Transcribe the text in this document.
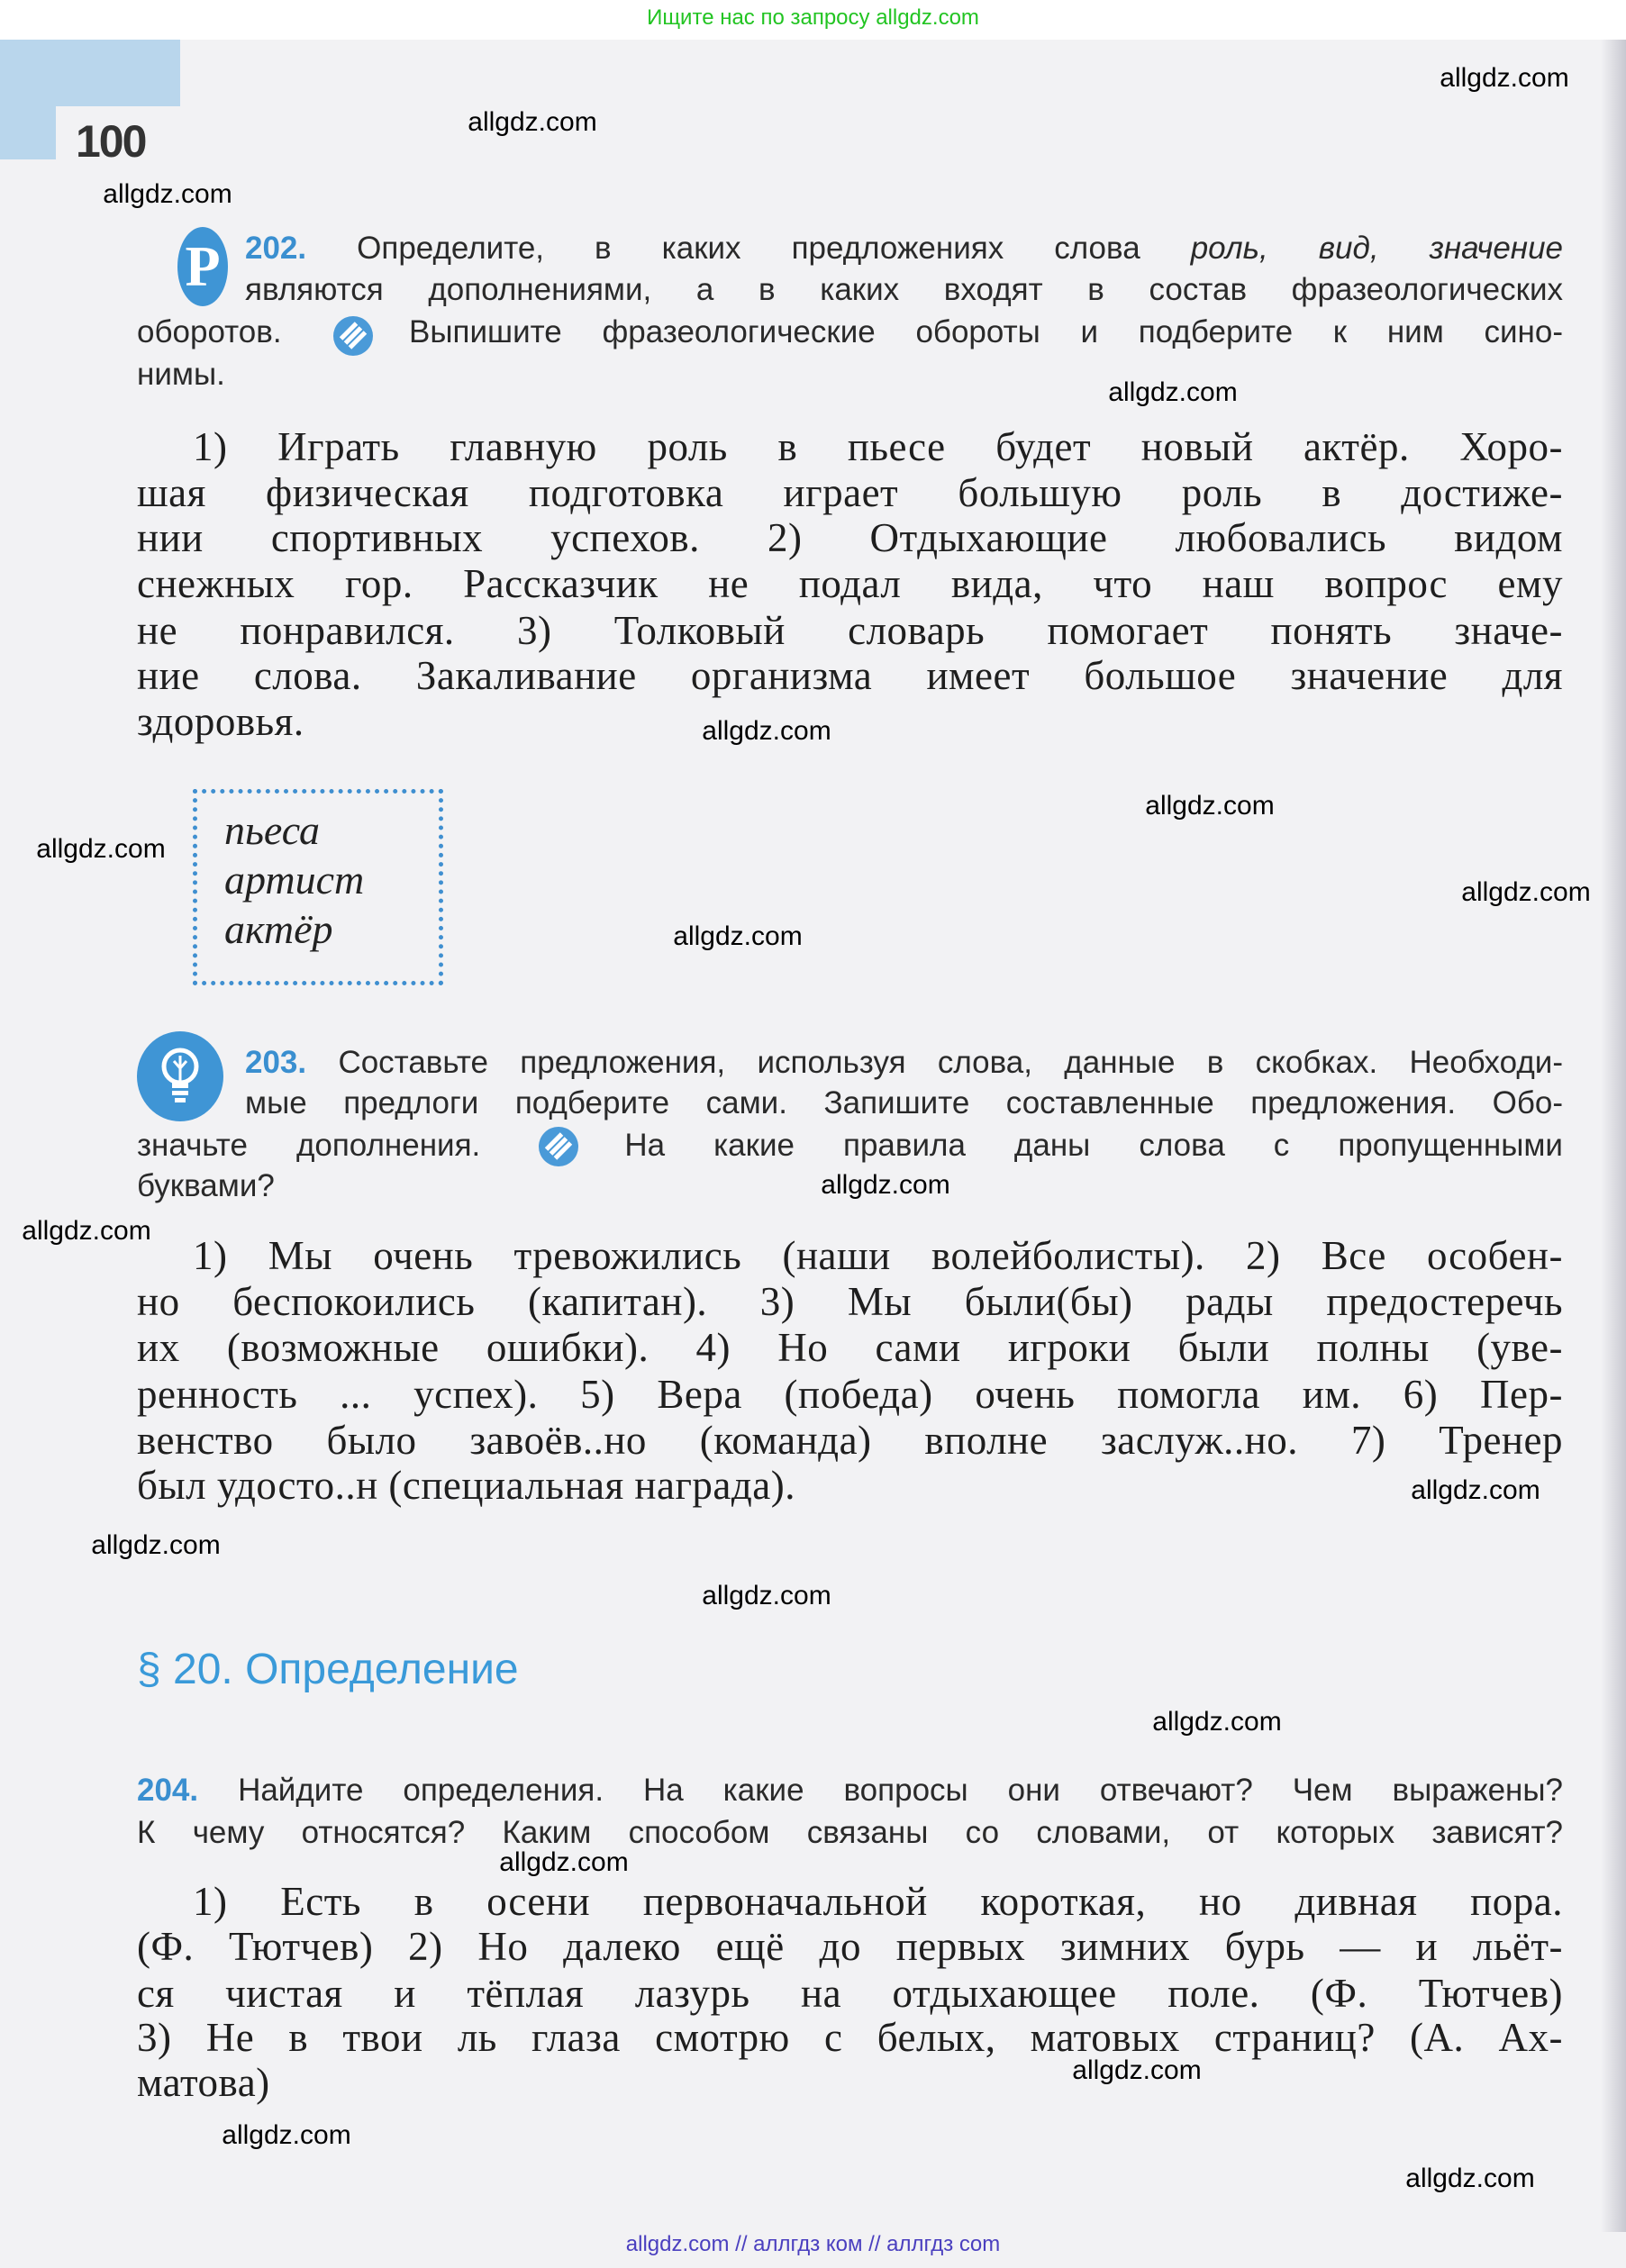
Ищите нас по запросу allgdz.com
100
Р 202. Определите, в каких предложениях слова роль, вид, значение
являются дополнениями, а в каких входят в состав фразеологических
оборотов.	Выпишите фразеологические обороты и подберите к ним сино-
нимы.
1) Играть главную роль в пьесе будет новый актёр. Хоро-
шая физическая подготовка играет большую роль в достиже-
нии спортивных успехов. 2) Отдыхающие любовались видом
снежных гор. Рассказчик не подал вида, что наш вопрос ему
не понравился. 3) Толковый словарь помогает понять значе-
ние слова. Закаливание организма имеет большое значение для
здоровья.
пьеса
артист
актёр
203. Составьте предложения, используя слова, данные в скобках. Необходи-
мые предлоги подберите сами. Запишите составленные предложения. Обо-
значьте дополнения.	На какие правила даны слова с пропущенными
буквами?
1) Мы очень тревожились (наши волейболисты). 2) Все особен-
но беспокоились (капитан). 3) Мы были(бы) рады предостеречь
их (возможные ошибки). 4) Но сами игроки были полны (уве-
ренность ... успех). 5) Вера (победа) очень помогла им. 6) Пер-
венство было завоёв..но (команда) вполне заслуж..но. 7) Тренер
был удосто..н (специальная награда).
§ 20. Определение
204. Найдите определения. На какие вопросы они отвечают? Чем выражены?
К чему относятся? Каким способом связаны со словами, от которых зависят?
1) Есть в осени первоначальной короткая, но дивная пора.
(Ф. Тютчев) 2) Но далеко ещё до первых зимних бурь — и льёт-
ся чистая и тёплая лазурь на отдыхающее поле. (Ф. Тютчев)
3) Не в твои ль глаза смотрю с белых, матовых страниц? (А. Ах-
матова)
allgdz.com
allgdz.com
allgdz.com
allgdz.com
allgdz.com
allgdz.com
allgdz.com
allgdz.com
allgdz.com
allgdz.com
allgdz.com
allgdz.com
allgdz.com
allgdz.com
allgdz.com
allgdz.com
allgdz.com
allgdz.com
allgdz.com
allgdz.com // аллгдз ком // аллгдз com
